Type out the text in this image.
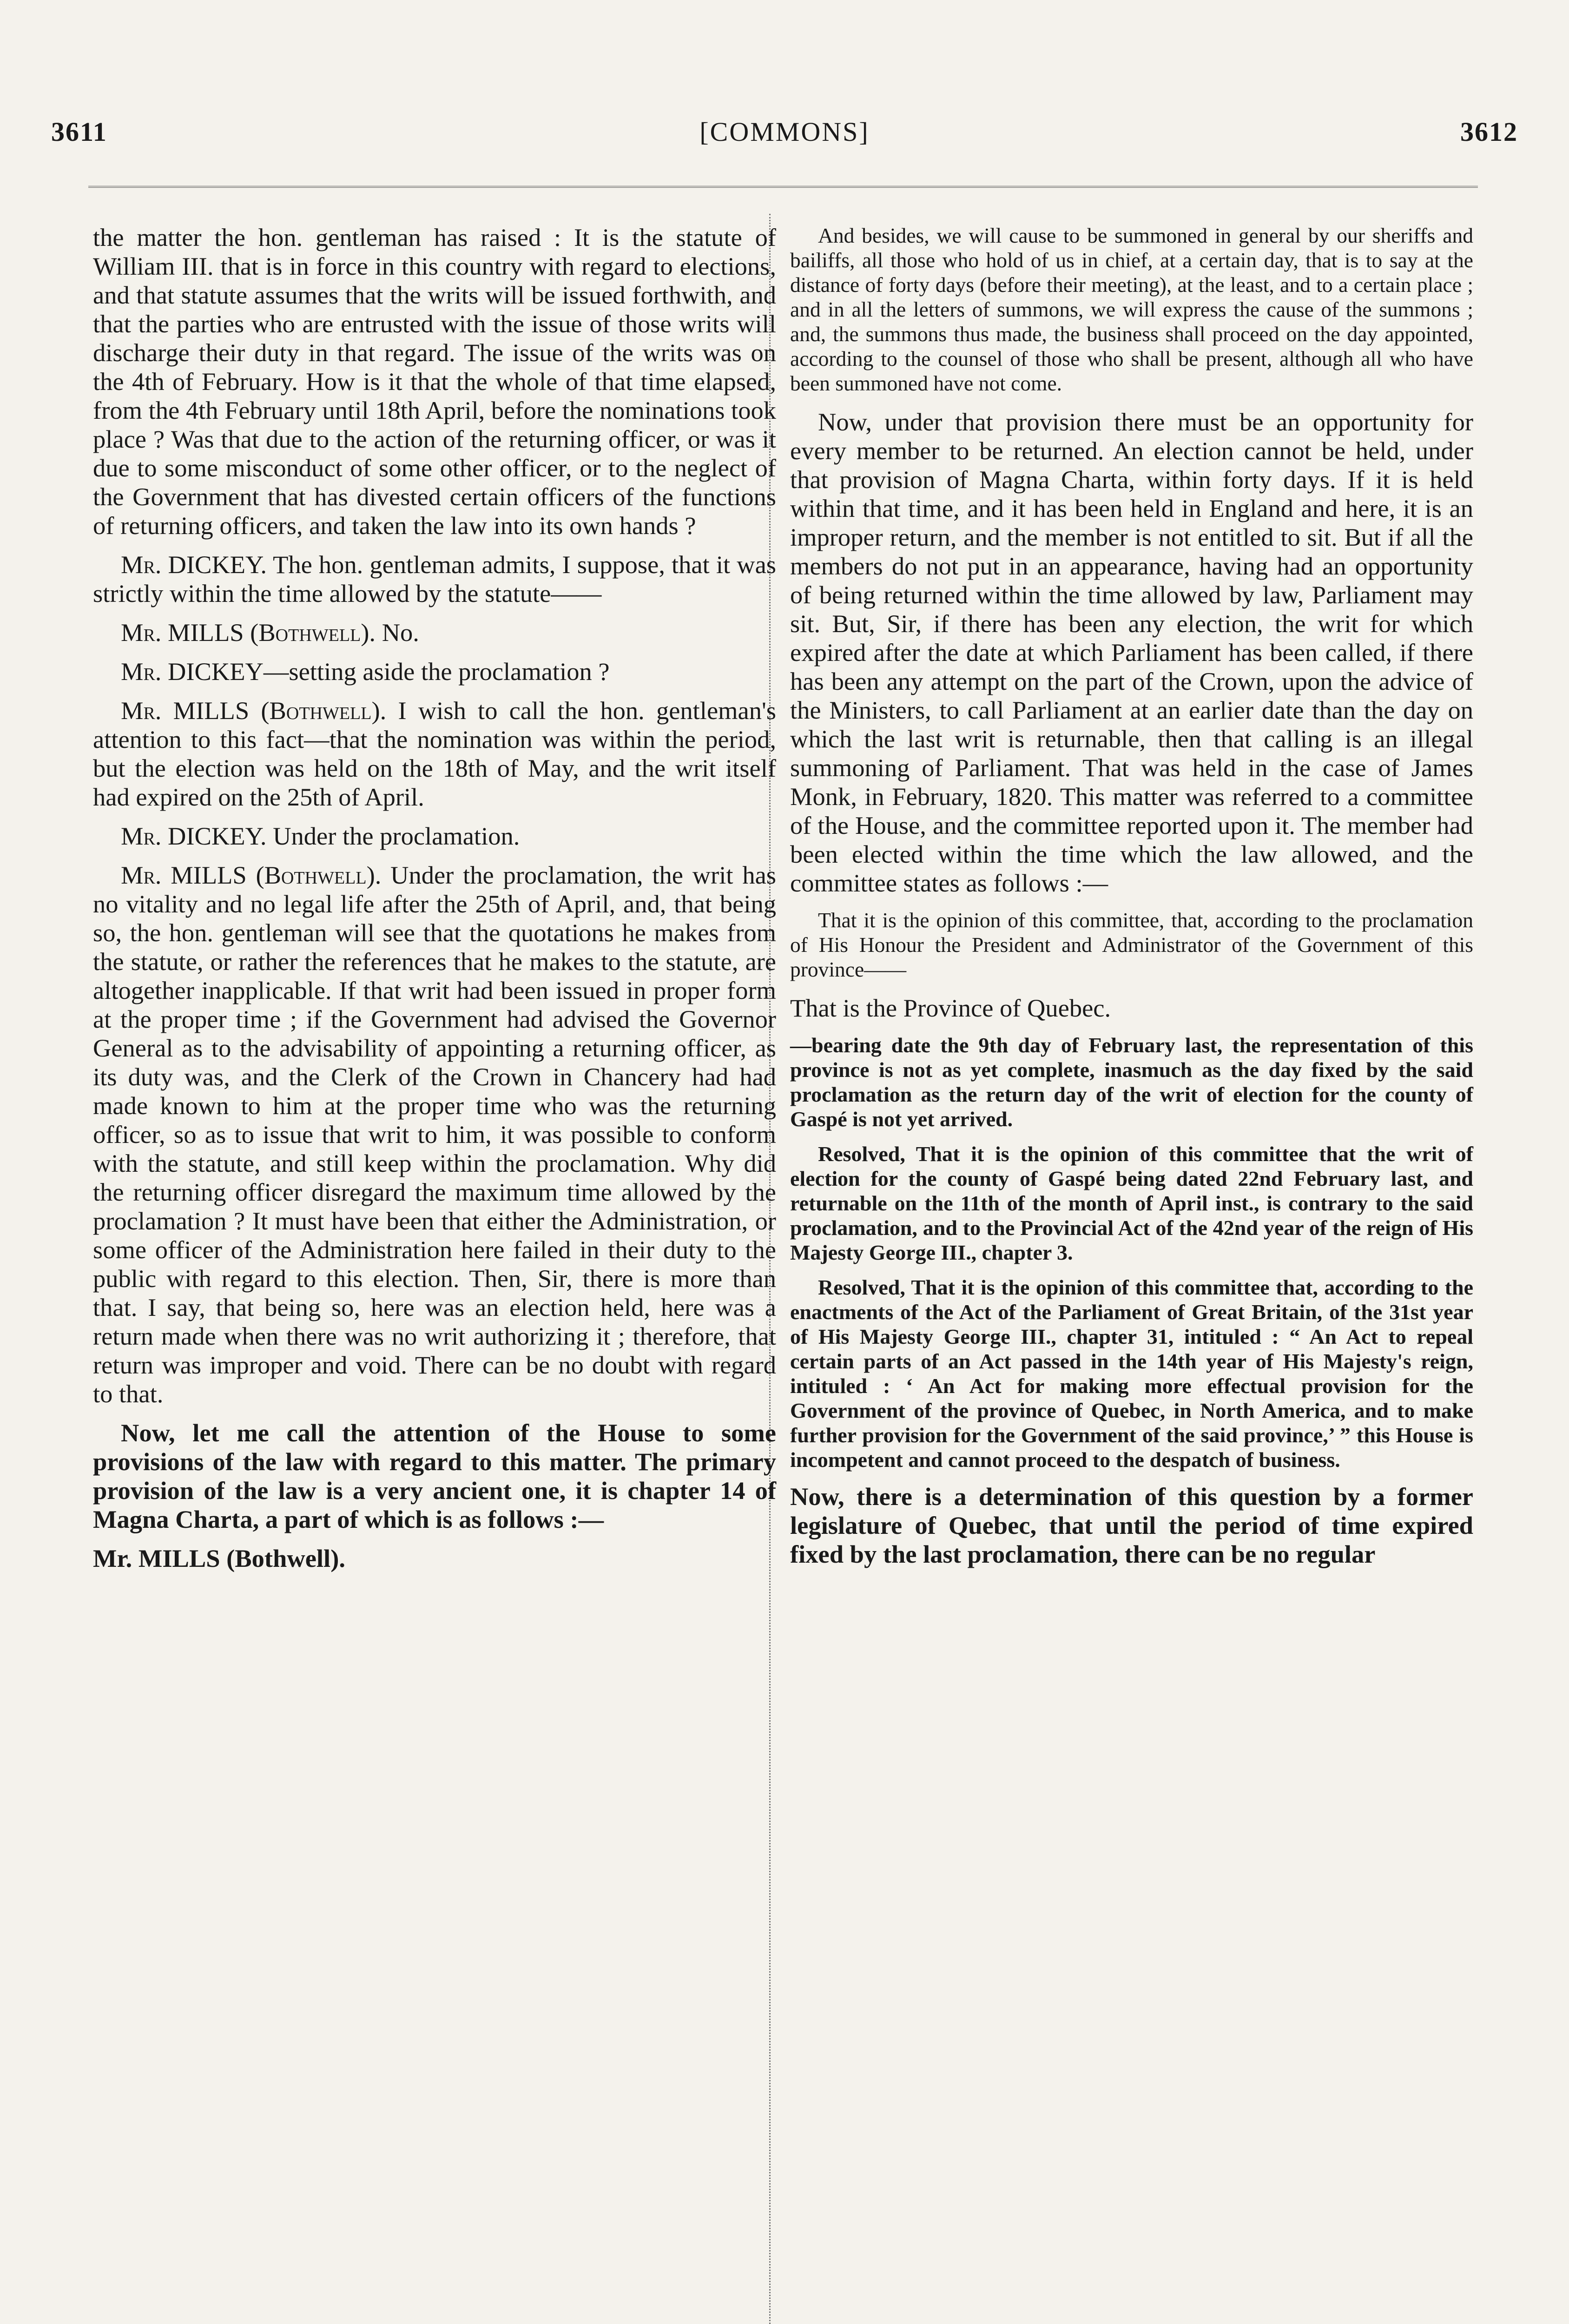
3611	[COMMONS]	3612

the matter the hon. gentleman has raised : It is the statute of William III. that is in force in this country with regard to elections, and that statute assumes that the writs will be issued forthwith, and that the parties who are entrusted with the issue of those writs will discharge their duty in that regard. The issue of the writs was on the 4th of February. How is it that the whole of that time elapsed, from the 4th February until 18th April, before the nominations took place ? Was that due to the action of the returning officer, or was it due to some misconduct of some other officer, or to the neglect of the Government that has divested certain officers of the functions of returning officers, and taken the law into its own hands ?

Mr. DICKEY. The hon. gentleman admits, I suppose, that it was strictly within the time allowed by the statute——

Mr. MILLS (Bothwell). No.

Mr. DICKEY—setting aside the proclamation ?

Mr. MILLS (Bothwell). I wish to call the hon. gentleman's attention to this fact—that the nomination was within the period, but the election was held on the 18th of May, and the writ itself had expired on the 25th of April.

Mr. DICKEY. Under the proclamation.

Mr. MILLS (Bothwell). Under the proclamation, the writ has no vitality and no legal life after the 25th of April, and, that being so, the hon. gentleman will see that the quotations he makes from the statute, or rather the references that he makes to the statute, are altogether inapplicable. If that writ had been issued in proper form at the proper time ; if the Government had advised the Governor General as to the advisability of appointing a returning officer, as its duty was, and the Clerk of the Crown in Chancery had had made known to him at the proper time who was the returning officer, so as to issue that writ to him, it was possible to conform with the statute, and still keep within the proclamation. Why did the returning officer disregard the maximum time allowed by the proclamation ? It must have been that either the Administration, or some officer of the Administration here failed in their duty to the public with regard to this election. Then, Sir, there is more than that. I say, that being so, here was an election held, here was a return made when there was no writ authorizing it ; therefore, that return was improper and void. There can be no doubt with regard to that.

Now, let me call the attention of the House to some provisions of the law with regard to this matter. The primary provision of the law is a very ancient one, it is chapter 14 of Magna Charta, a part of which is as follows :—

Mr. MILLS (Bothwell).

And besides, we will cause to be summoned in general by our sheriffs and bailiffs, all those who hold of us in chief, at a certain day, that is to say at the distance of forty days (before their meeting), at the least, and to a certain place ; and in all the letters of summons, we will express the cause of the summons ; and, the summons thus made, the business shall proceed on the day appointed, according to the counsel of those who shall be present, although all who have been summoned have not come.

Now, under that provision there must be an opportunity for every member to be returned. An election cannot be held, under that provision of Magna Charta, within forty days. If it is held within that time, and it has been held in England and here, it is an improper return, and the member is not entitled to sit. But if all the members do not put in an appearance, having had an opportunity of being returned within the time allowed by law, Parliament may sit. But, Sir, if there has been any election, the writ for which expired after the date at which Parliament has been called, if there has been any attempt on the part of the Crown, upon the advice of the Ministers, to call Parliament at an earlier date than the day on which the last writ is returnable, then that calling is an illegal summoning of Parliament. That was held in the case of James Monk, in February, 1820. This matter was referred to a committee of the House, and the committee reported upon it. The member had been elected within the time which the law allowed, and the committee states as follows :—

That it is the opinion of this committee, that, according to the proclamation of His Honour the President and Administrator of the Government of this province——

That is the Province of Quebec.

—bearing date the 9th day of February last, the representation of this province is not as yet complete, inasmuch as the day fixed by the said proclamation as the return day of the writ of election for the county of Gaspé is not yet arrived.

Resolved, That it is the opinion of this committee that the writ of election for the county of Gaspé being dated 22nd February last, and returnable on the 11th of the month of April inst., is contrary to the said proclamation, and to the Provincial Act of the 42nd year of the reign of His Majesty George III., chapter 3.

Resolved, That it is the opinion of this committee that, according to the enactments of the Act of the Parliament of Great Britain, of the 31st year of His Majesty George III., chapter 31, intituled : “ An Act to repeal certain parts of an Act passed in the 14th year of His Majesty's reign, intituled : ‘ An Act for making more effectual provision for the Government of the province of Quebec, in North America, and to make further provision for the Government of the said province,’ ” this House is incompetent and cannot proceed to the despatch of business.

Now, there is a determination of this question by a former legislature of Quebec, that until the period of time expired fixed by the last proclamation, there can be no regular
